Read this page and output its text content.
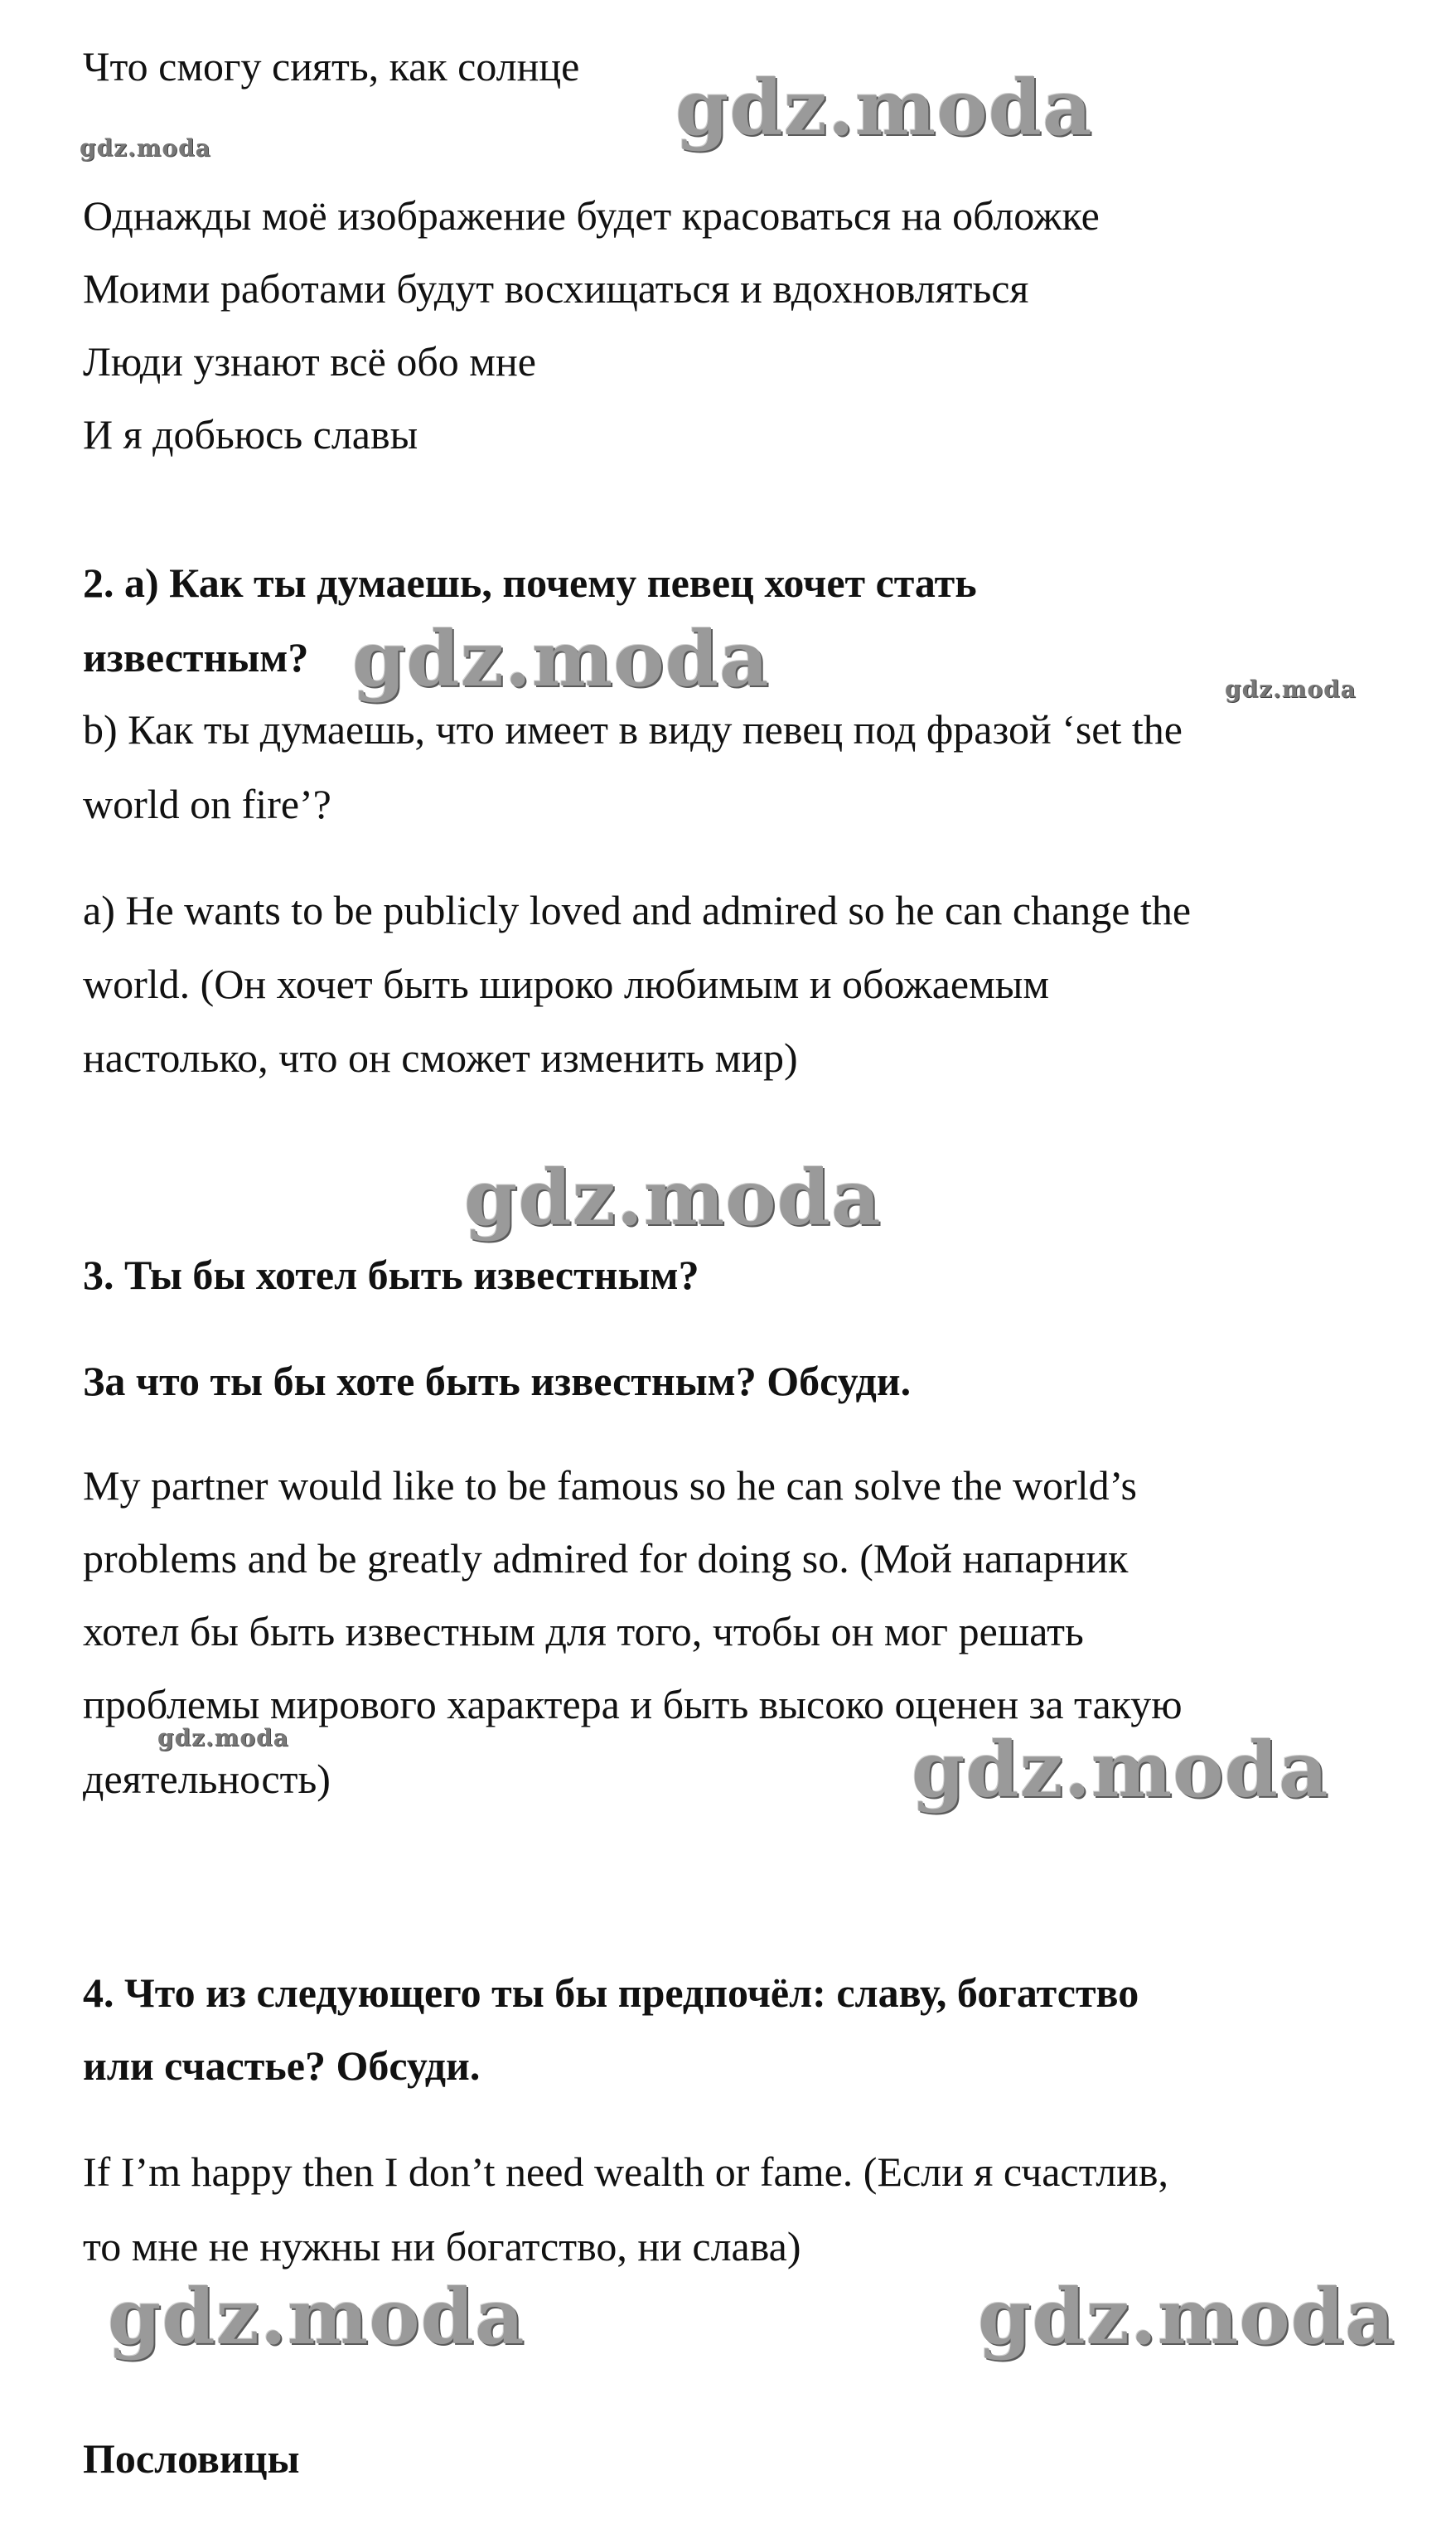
Что смогу сиять, как солнце
Однажды моё изображение будет красоваться на обложке
Моими работами будут восхищаться и вдохновляться
Люди узнают всё обо мне
И я добьюсь славы
2. a) Как ты думаешь, почему певец хочет стать
известным?
b) Как ты думаешь, что имеет в виду певец под фразой ‘set the
world on fire’?
a) He wants to be publicly loved and admired so he can change the
world. (Он хочет быть широко любимым и обожаемым
настолько, что он сможет изменить мир)
3. Ты бы хотел быть известным?
За что ты бы хоте быть известным? Обсуди.
My partner would like to be famous so he can solve the world’s
problems and be greatly admired for doing so. (Мой напарник
хотел бы быть известным для того, чтобы он мог решать
проблемы мирового характера и быть высоко оценен за такую
деятельность)
4. Что из следующего ты бы предпочёл: славу, богатство
или счастье? Обсуди.
If I’m happy then I don’t need wealth or fame. (Если я счастлив,
то мне не нужны ни богатство, ни слава)
Пословицы
gdz.moda
gdz.moda
gdz.moda	gdz.moda
gdz.moda
gdz.moda	gdz.moda
gdz.moda	gdz.moda
